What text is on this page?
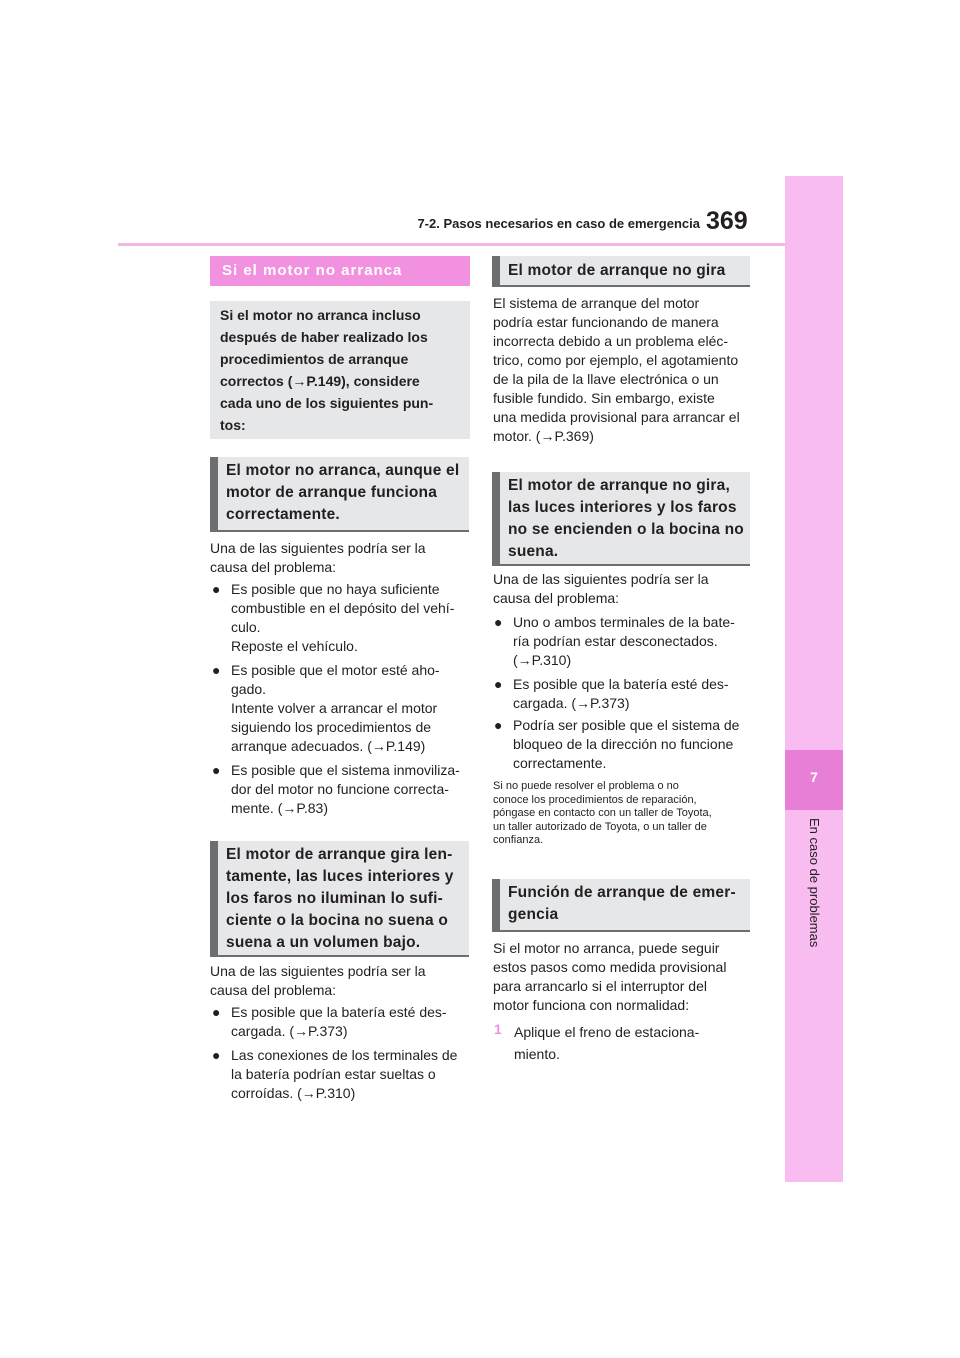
7-2. Pasos necesarios en caso de emergencia 369
7
En caso de problemas
Si el motor no arranca

Si el motor no arranca incluso

después de haber realizado los

procedimientos de arranque

correctos (→P.149), considere

cada uno de los siguientes pun-

tos:

El motor no arranca, aunque el
motor de arranque funciona
correctamente.
Una de las siguientes podría ser la
causa del problema:
● Es posible que no haya suficiente
combustible en el depósito del vehí-
culo.
Reposte el vehículo.
● Es posible que el motor esté aho-
gado.
Intente volver a arrancar el motor
siguiendo los procedimientos de
arranque adecuados. (→P.149)
● Es posible que el sistema inmoviliza-
dor del motor no funcione correcta-
mente. (→P.83)
El motor de arranque gira len-
tamente, las luces interiores y
los faros no iluminan lo sufi-
ciente o la bocina no suena o
suena a un volumen bajo.
Una de las siguientes podría ser la
causa del problema:
● Es posible que la batería esté des-
cargada. (→P.373)
● Las conexiones de los terminales de
la batería podrían estar sueltas o
corroídas. (→P.310)
El motor de arranque no gira
El sistema de arranque del motor
podría estar funcionando de manera
incorrecta debido a un problema eléc-
trico, como por ejemplo, el agotamiento
de la pila de la llave electrónica o un
fusible fundido. Sin embargo, existe
una medida provisional para arrancar el
motor. (→P.369)
El motor de arranque no gira,
las luces interiores y los faros
no se encienden o la bocina no
suena.
Una de las siguientes podría ser la
causa del problema:
● Uno o ambos terminales de la bate-
ría podrían estar desconectados.
(→P.310)
● Es posible que la batería esté des-
cargada. (→P.373)
● Podría ser posible que el sistema de
bloqueo de la dirección no funcione
correctamente.
Si no puede resolver el problema o no
conoce los procedimientos de reparación,
póngase en contacto con un taller de Toyota,
un taller autorizado de Toyota, o un taller de
confianza.
Función de arranque de emer-
gencia
Si el motor no arranca, puede seguir
estos pasos como medida provisional
para arrancarlo si el interruptor del
motor funciona con normalidad:
1 Aplique el freno de estaciona-
miento.
